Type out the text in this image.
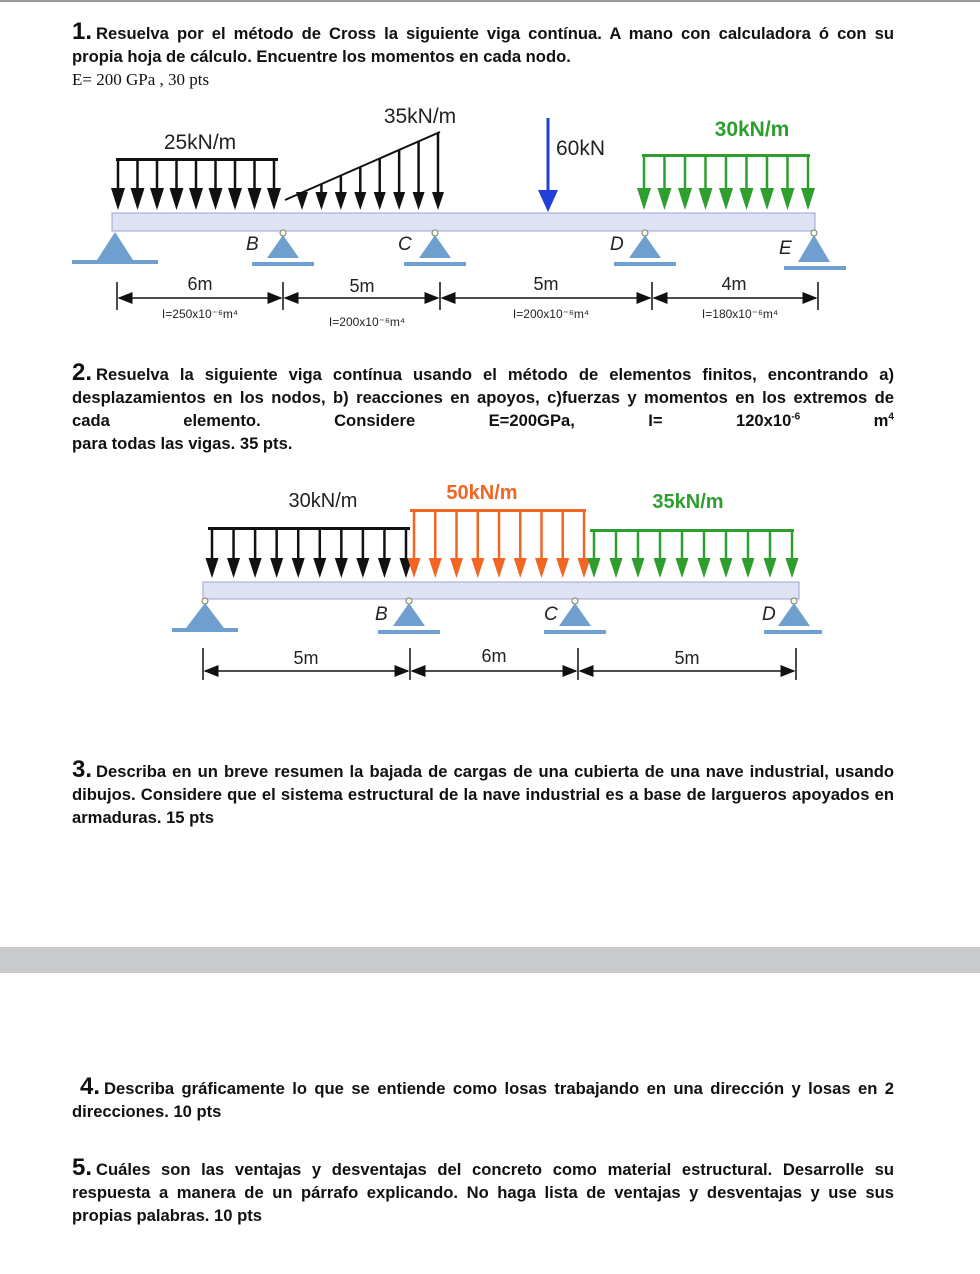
1. Resuelva por el método de Cross la siguiente viga contínua. A mano con calculadora ó con su propia hoja de cálculo. Encuentre los momentos en cada nodo.
E= 200 GPa , 30 pts
25kN/m
35kN/m
60kN
30kN/m
B	C	D	E
6m	5m	5m	4m
I=250x10⁻⁶m⁴
I=200x10⁻⁶m⁴
I=200x10⁻⁶m⁴	I=180x10⁻⁶m⁴
2. Resuelva la siguiente viga contínua usando el método de elementos finitos, encontrando a) desplazamientos en los nodos, b) reacciones en apoyos, c)fuerzas y momentos en los extremos de cada elemento. Considere E=200GPa, I=	$120x10^{-6}$	$m^4$
para todas las vigas. 35 pts.
30kN/m	50kN/m	35kN/m
B	C	D
5m	6m	5m
3. Describa en un breve resumen la bajada de cargas de una cubierta de una nave industrial, usando dibujos. Considere que el sistema estructural de la nave industrial es a base de largueros apoyados en armaduras. 15 pts
4. Describa gráficamente lo que se entiende como losas trabajando en una dirección y losas en 2 direcciones. 10 pts
5. Cuáles son las ventajas y desventajas del concreto como material estructural. Desarrolle su respuesta a manera de un párrafo explicando. No haga lista de ventajas y desventajas y use sus propias palabras. 10 pts
